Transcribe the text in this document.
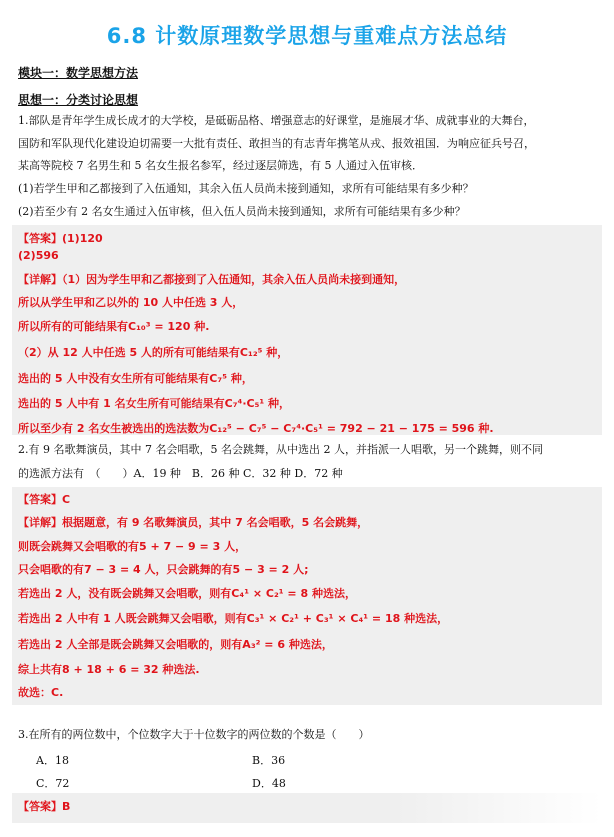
6.8 计数原理数学思想与重难点方法总结
模块一：数学思想方法
思想一：分类讨论思想
1.部队是青年学生成长成才的大学校，是砥砺品格、增强意志的好课堂，是施展才华、成就事业的大舞台，
国防和军队现代化建设迫切需要一大批有责任、敢担当的有志青年携笔从戎、报效祖国．为响应征兵号召，
某高等院校 7 名男生和 5 名女生报名参军，经过逐层筛选，有 5 人通过入伍审核．
(1)若学生甲和乙都接到了入伍通知，其余入伍人员尚未接到通知，求所有可能结果有多少种？
(2)若至少有 2 名女生通过入伍审核，但入伍人员尚未接到通知，求所有可能结果有多少种？
【答案】(1)120
(2)596
【详解】（1）因为学生甲和乙都接到了入伍通知，其余入伍人员尚未接到通知，
所以从学生甲和乙以外的 10 人中任选 3 人，
所以所有的可能结果有C₁₀³ = 120 种.
（2）从 12 人中任选 5 人的所有可能结果有C₁₂⁵ 种，
选出的 5 人中没有女生所有可能结果有C₇⁵ 种，
选出的 5 人中有 1 名女生所有可能结果有C₇⁴·C₅¹ 种，
所以至少有 2 名女生被选出的选法数为C₁₂⁵ − C₇⁵ − C₇⁴·C₅¹ = 792 − 21 − 175 = 596 种.
2.有 9 名歌舞演员，其中 7 名会唱歌，5 名会跳舞，从中选出 2 人，并指派一人唱歌，另一个跳舞，则不同
的选派方法有　（　　）A．19 种　B．26 种 C．32 种 D．72 种
【答案】C
【详解】根据题意，有 9 名歌舞演员，其中 7 名会唱歌，5 名会跳舞，
则既会跳舞又会唱歌的有5 + 7 − 9 = 3 人，
只会唱歌的有7 − 3 = 4 人，只会跳舞的有5 − 3 = 2 人;
若选出 2 人，没有既会跳舞又会唱歌，则有C₄¹ × C₂¹ = 8 种选法，
若选出 2 人中有 1 人既会跳舞又会唱歌，则有C₃¹ × C₂¹ + C₃¹ × C₄¹ = 18 种选法，
若选出 2 人全部是既会跳舞又会唱歌的，则有A₃² = 6 种选法，
综上共有8 + 18 + 6 = 32 种选法.
故选：C.
3.在所有的两位数中，个位数字大于十位数字的两位数的个数是（　　）
A．18	B．36
C．72	D．48
【答案】B
